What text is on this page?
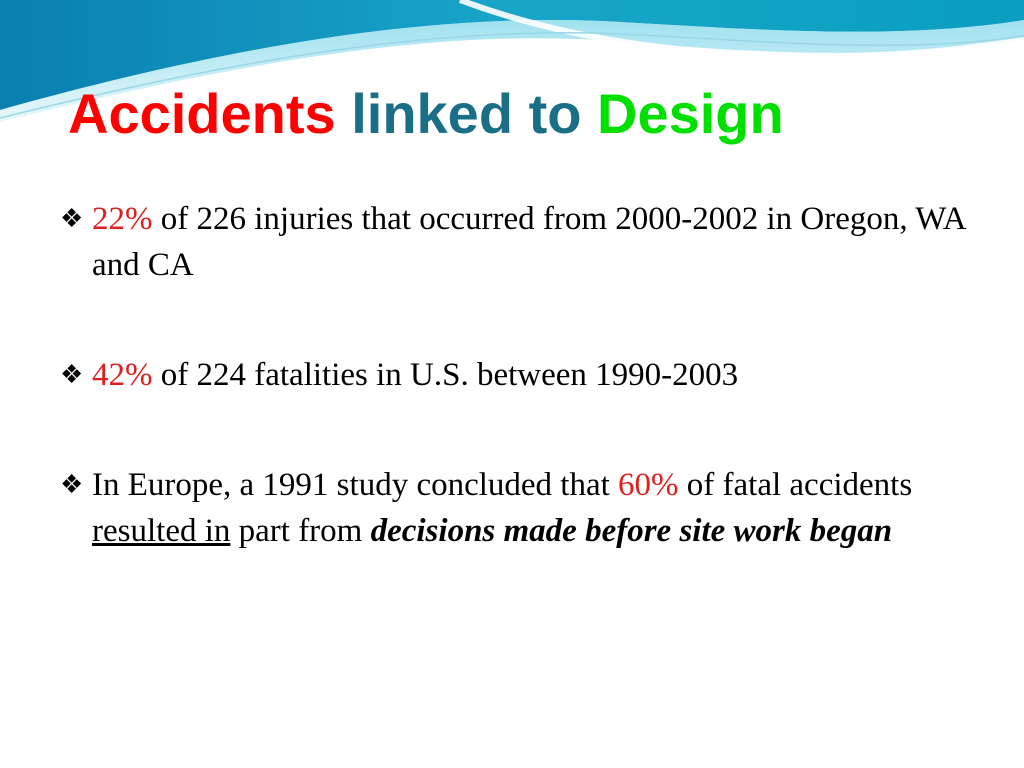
Accidents linked to Design
❖ 22% of 226 injuries that occurred from 2000-2002 in Oregon, WA and CA
❖ 42% of 224 fatalities in U.S. between 1990-2003
❖ In Europe, a 1991 study concluded that 60% of fatal accidents resulted in part from decisions made before site work began
